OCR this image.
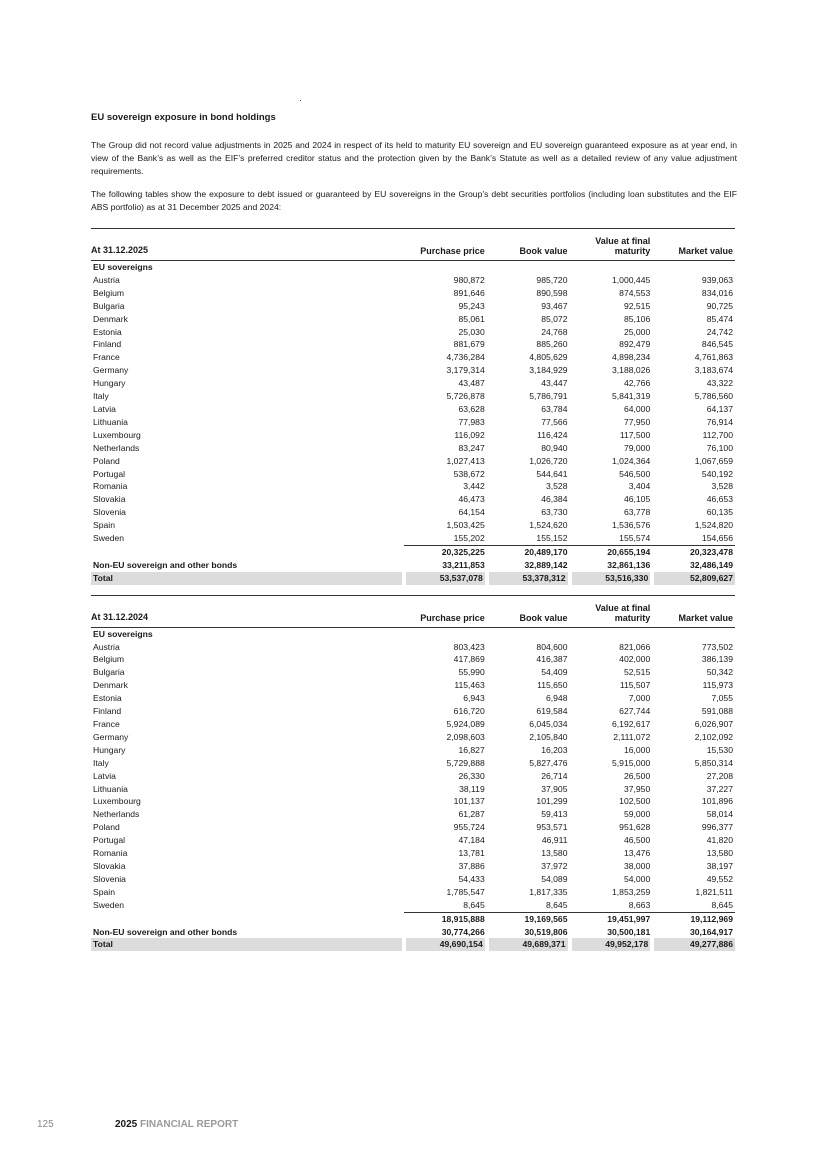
EU sovereign exposure in bond holdings

The Group did not record value adjustments in 2025 and 2024 in respect of its held to maturity EU sovereign and EU sovereign guaranteed exposure as at year end, in view of the Bank’s as well as the EIF’s preferred creditor status and the protection given by the Bank’s Statute as well as a detailed review of any value adjustment requirements.

The following tables show the exposure to debt issued or guaranteed by EU sovereigns in the Group’s debt securities portfolios (including loan substitutes and the EIF ABS portfolio) as at 31 December 2025 and 2024:

At 31.12.2025	Purchase price	Book value	Value at final maturity	Market value
EU sovereigns				
Austria	980,872	985,720	1,000,445	939,063
Belgium	891,646	890,598	874,553	834,016
Bulgaria	95,243	93,467	92,515	90,725
Denmark	85,061	85,072	85,106	85,474
Estonia	25,030	24,768	25,000	24,742
Finland	881,679	885,260	892,479	846,545
France	4,736,284	4,805,629	4,898,234	4,761,863
Germany	3,179,314	3,184,929	3,188,026	3,183,674
Hungary	43,487	43,447	42,766	43,322
Italy	5,726,878	5,786,791	5,841,319	5,786,560
Latvia	63,628	63,784	64,000	64,137
Lithuania	77,983	77,566	77,950	76,914
Luxembourg	116,092	116,424	117,500	112,700
Netherlands	83,247	80,940	79,000	76,100
Poland	1,027,413	1,026,720	1,024,364	1,067,659
Portugal	538,672	544,641	546,500	540,192
Romania	3,442	3,528	3,404	3,528
Slovakia	46,473	46,384	46,105	46,653
Slovenia	64,154	63,730	63,778	60,135
Spain	1,503,425	1,524,620	1,536,576	1,524,820
Sweden	155,202	155,152	155,574	154,656
	20,325,225	20,489,170	20,655,194	20,323,478
Non-EU sovereign and other bonds	33,211,853	32,889,142	32,861,136	32,486,149
Total	53,537,078	53,378,312	53,516,330	52,809,627
At 31.12.2024	Purchase price	Book value	Value at final maturity	Market value
EU sovereigns				
Austria	803,423	804,600	821,066	773,502
Belgium	417,869	416,387	402,000	386,139
Bulgaria	55,990	54,409	52,515	50,342
Denmark	115,463	115,650	115,507	115,973
Estonia	6,943	6,948	7,000	7,055
Finland	616,720	619,584	627,744	591,088
France	5,924,089	6,045,034	6,192,617	6,026,907
Germany	2,098,603	2,105,840	2,111,072	2,102,092
Hungary	16,827	16,203	16,000	15,530
Italy	5,729,888	5,827,476	5,915,000	5,850,314
Latvia	26,330	26,714	26,500	27,208
Lithuania	38,119	37,905	37,950	37,227
Luxembourg	101,137	101,299	102,500	101,896
Netherlands	61,287	59,413	59,000	58,014
Poland	955,724	953,571	951,628	996,377
Portugal	47,184	46,911	46,500	41,820
Romania	13,781	13,580	13,476	13,580
Slovakia	37,886	37,972	38,000	38,197
Slovenia	54,433	54,089	54,000	49,552
Spain	1,785,547	1,817,335	1,853,259	1,821,511
Sweden	8,645	8,645	8,663	8,645
	18,915,888	19,169,565	19,451,997	19,112,969
Non-EU sovereign and other bonds	30,774,266	30,519,806	30,500,181	30,164,917
Total	49,690,154	49,689,371	49,952,178	49,277,886
125	2025 FINANCIAL REPORT
